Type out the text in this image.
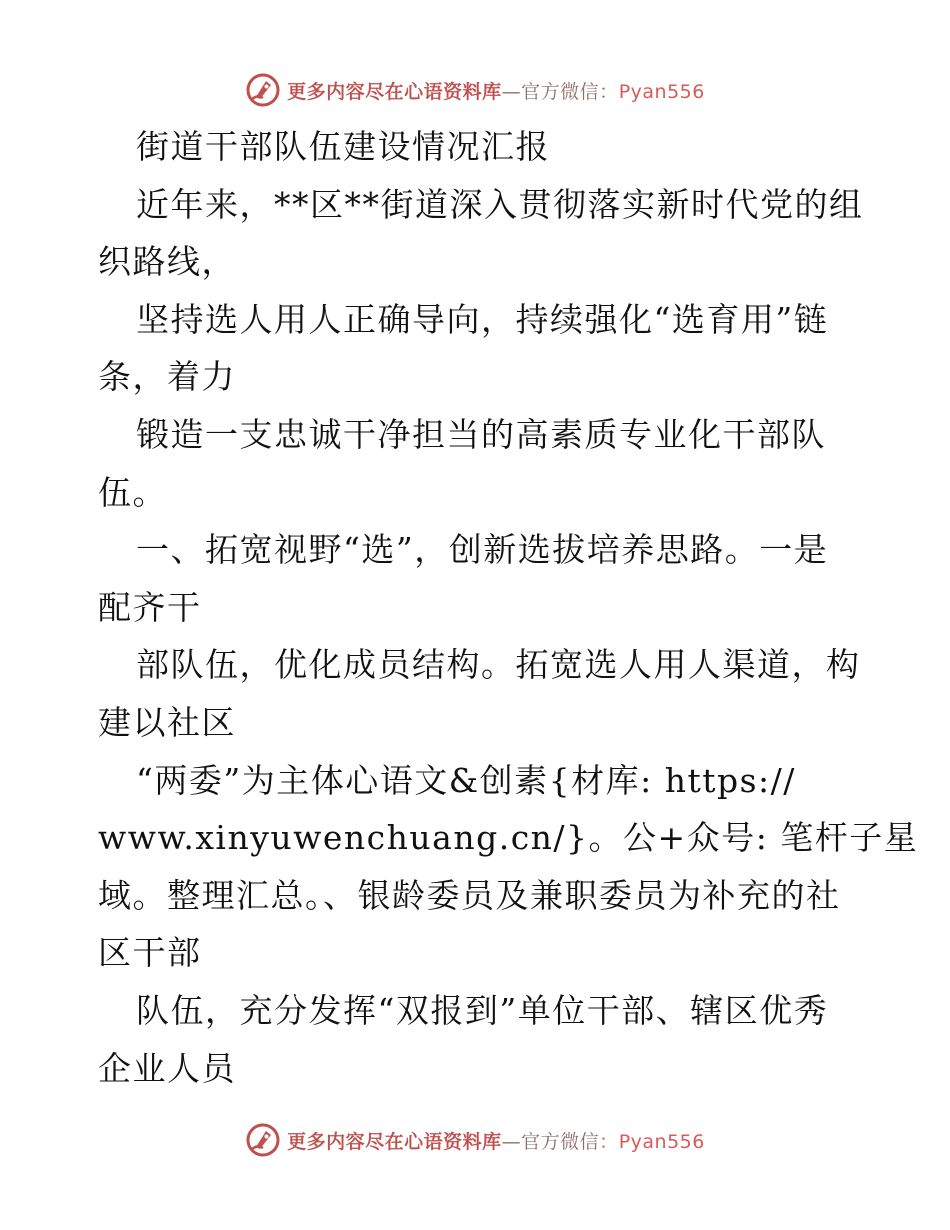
更多内容尽在心语资料库—官方微信：Pyan556
街道干部队伍建设情况汇报
近年来，**区**街道深入贯彻落实新时代党的组
织路线，
坚持选人用人正确导向，持续强化“选育用”链
条，着力
锻造一支忠诚干净担当的高素质专业化干部队
伍。
一、拓宽视野“选”，创新选拔培养思路。一是
配齐干
部队伍，优化成员结构。拓宽选人用人渠道，构
建以社区
“两委”为主体心语文&创素{材库: https://
www.xinyuwenchuang.cn/}。公+众号: 笔杆子星
域。整理汇总。、银龄委员及兼职委员为补充的社
区干部
队伍，充分发挥“双报到”单位干部、辖区优秀
企业人员
更多内容尽在心语资料库—官方微信：Pyan556
